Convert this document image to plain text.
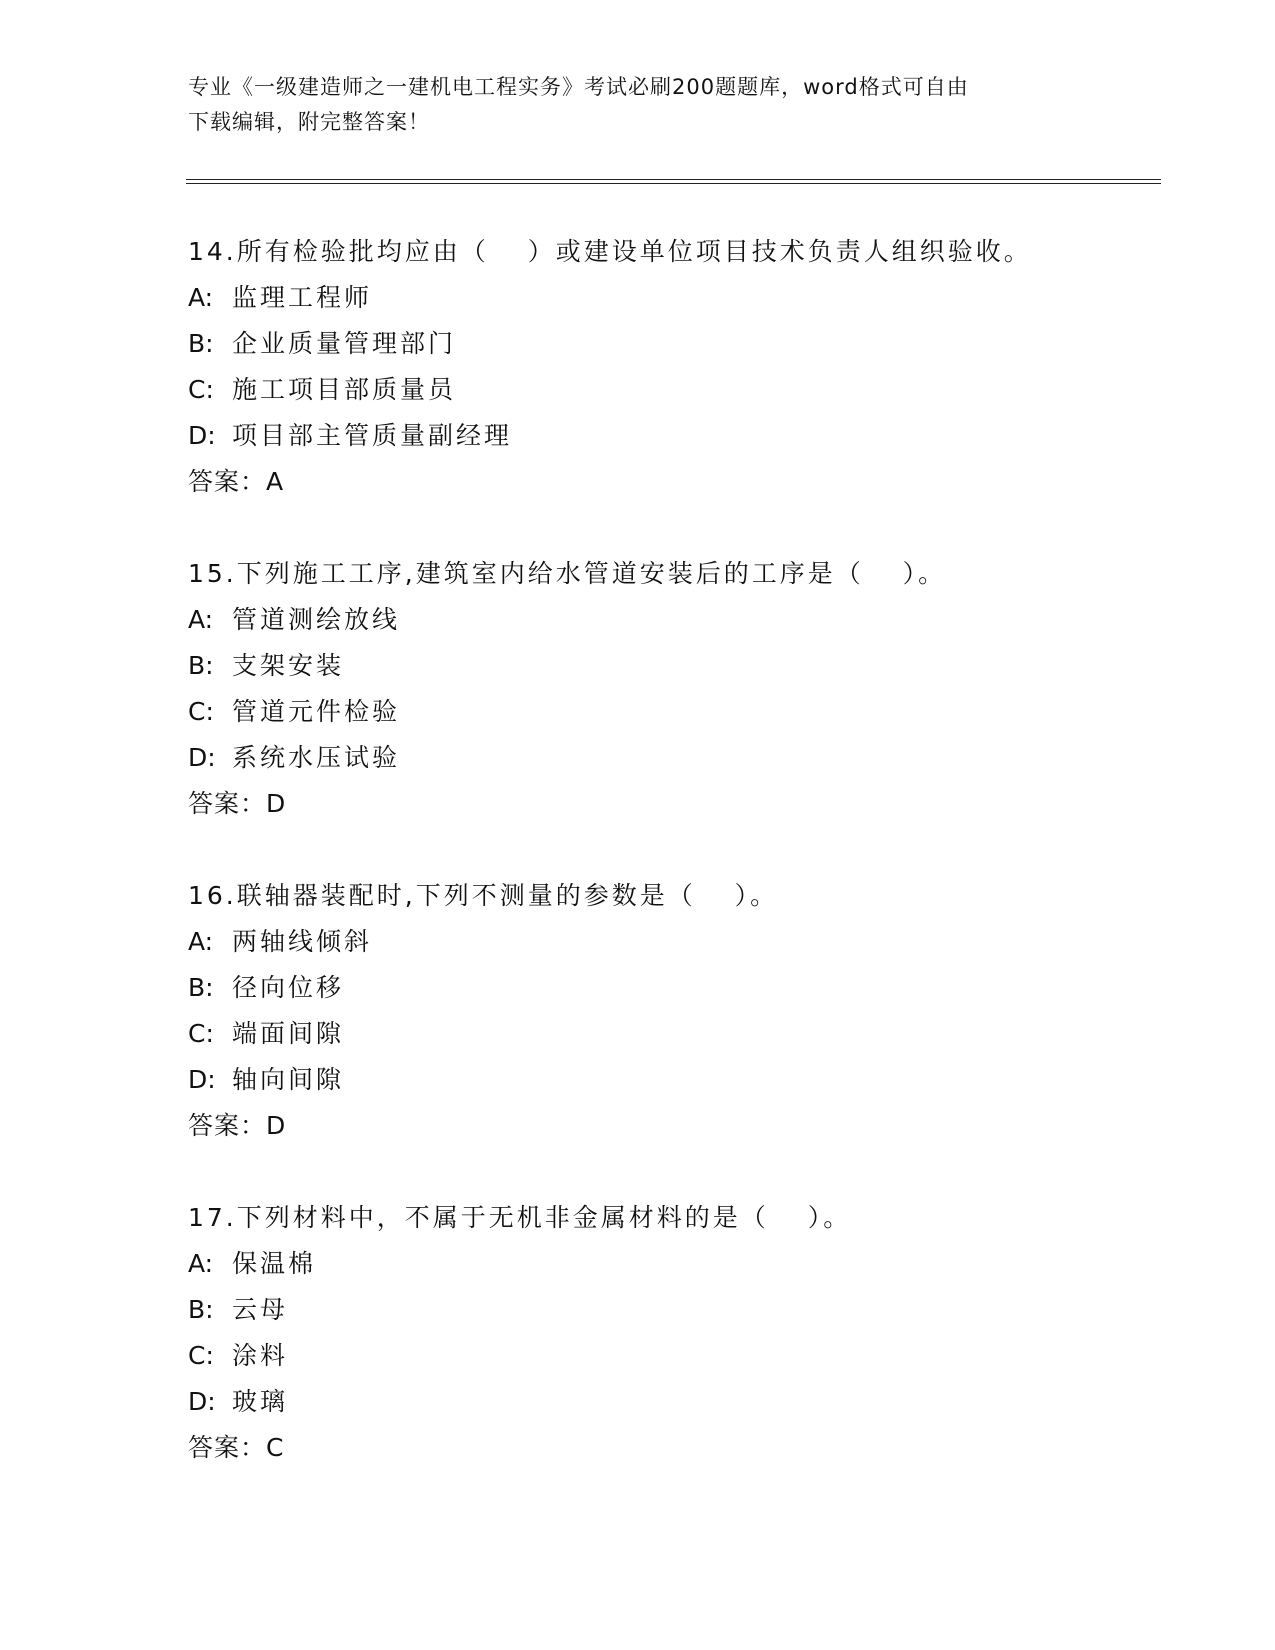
专业《一级建造师之一建机电工程实务》考试必刷200题题库，word格式可自由
下载编辑，附完整答案！
14.所有检验批均应由（　 ）或建设单位项目技术负责人组织验收。
A: 监理工程师
B: 企业质量管理部门
C: 施工项目部质量员
D: 项目部主管质量副经理
答案：A
15.下列施工工序,建筑室内给水管道安装后的工序是（　 ）。
A: 管道测绘放线
B: 支架安装
C: 管道元件检验
D: 系统水压试验
答案：D
16.联轴器装配时,下列不测量的参数是（　 ）。
A: 两轴线倾斜
B: 径向位移
C: 端面间隙
D: 轴向间隙
答案：D
17.下列材料中，不属于无机非金属材料的是（　 ）。
A: 保温棉
B: 云母
C: 涂料
D: 玻璃
答案：C
